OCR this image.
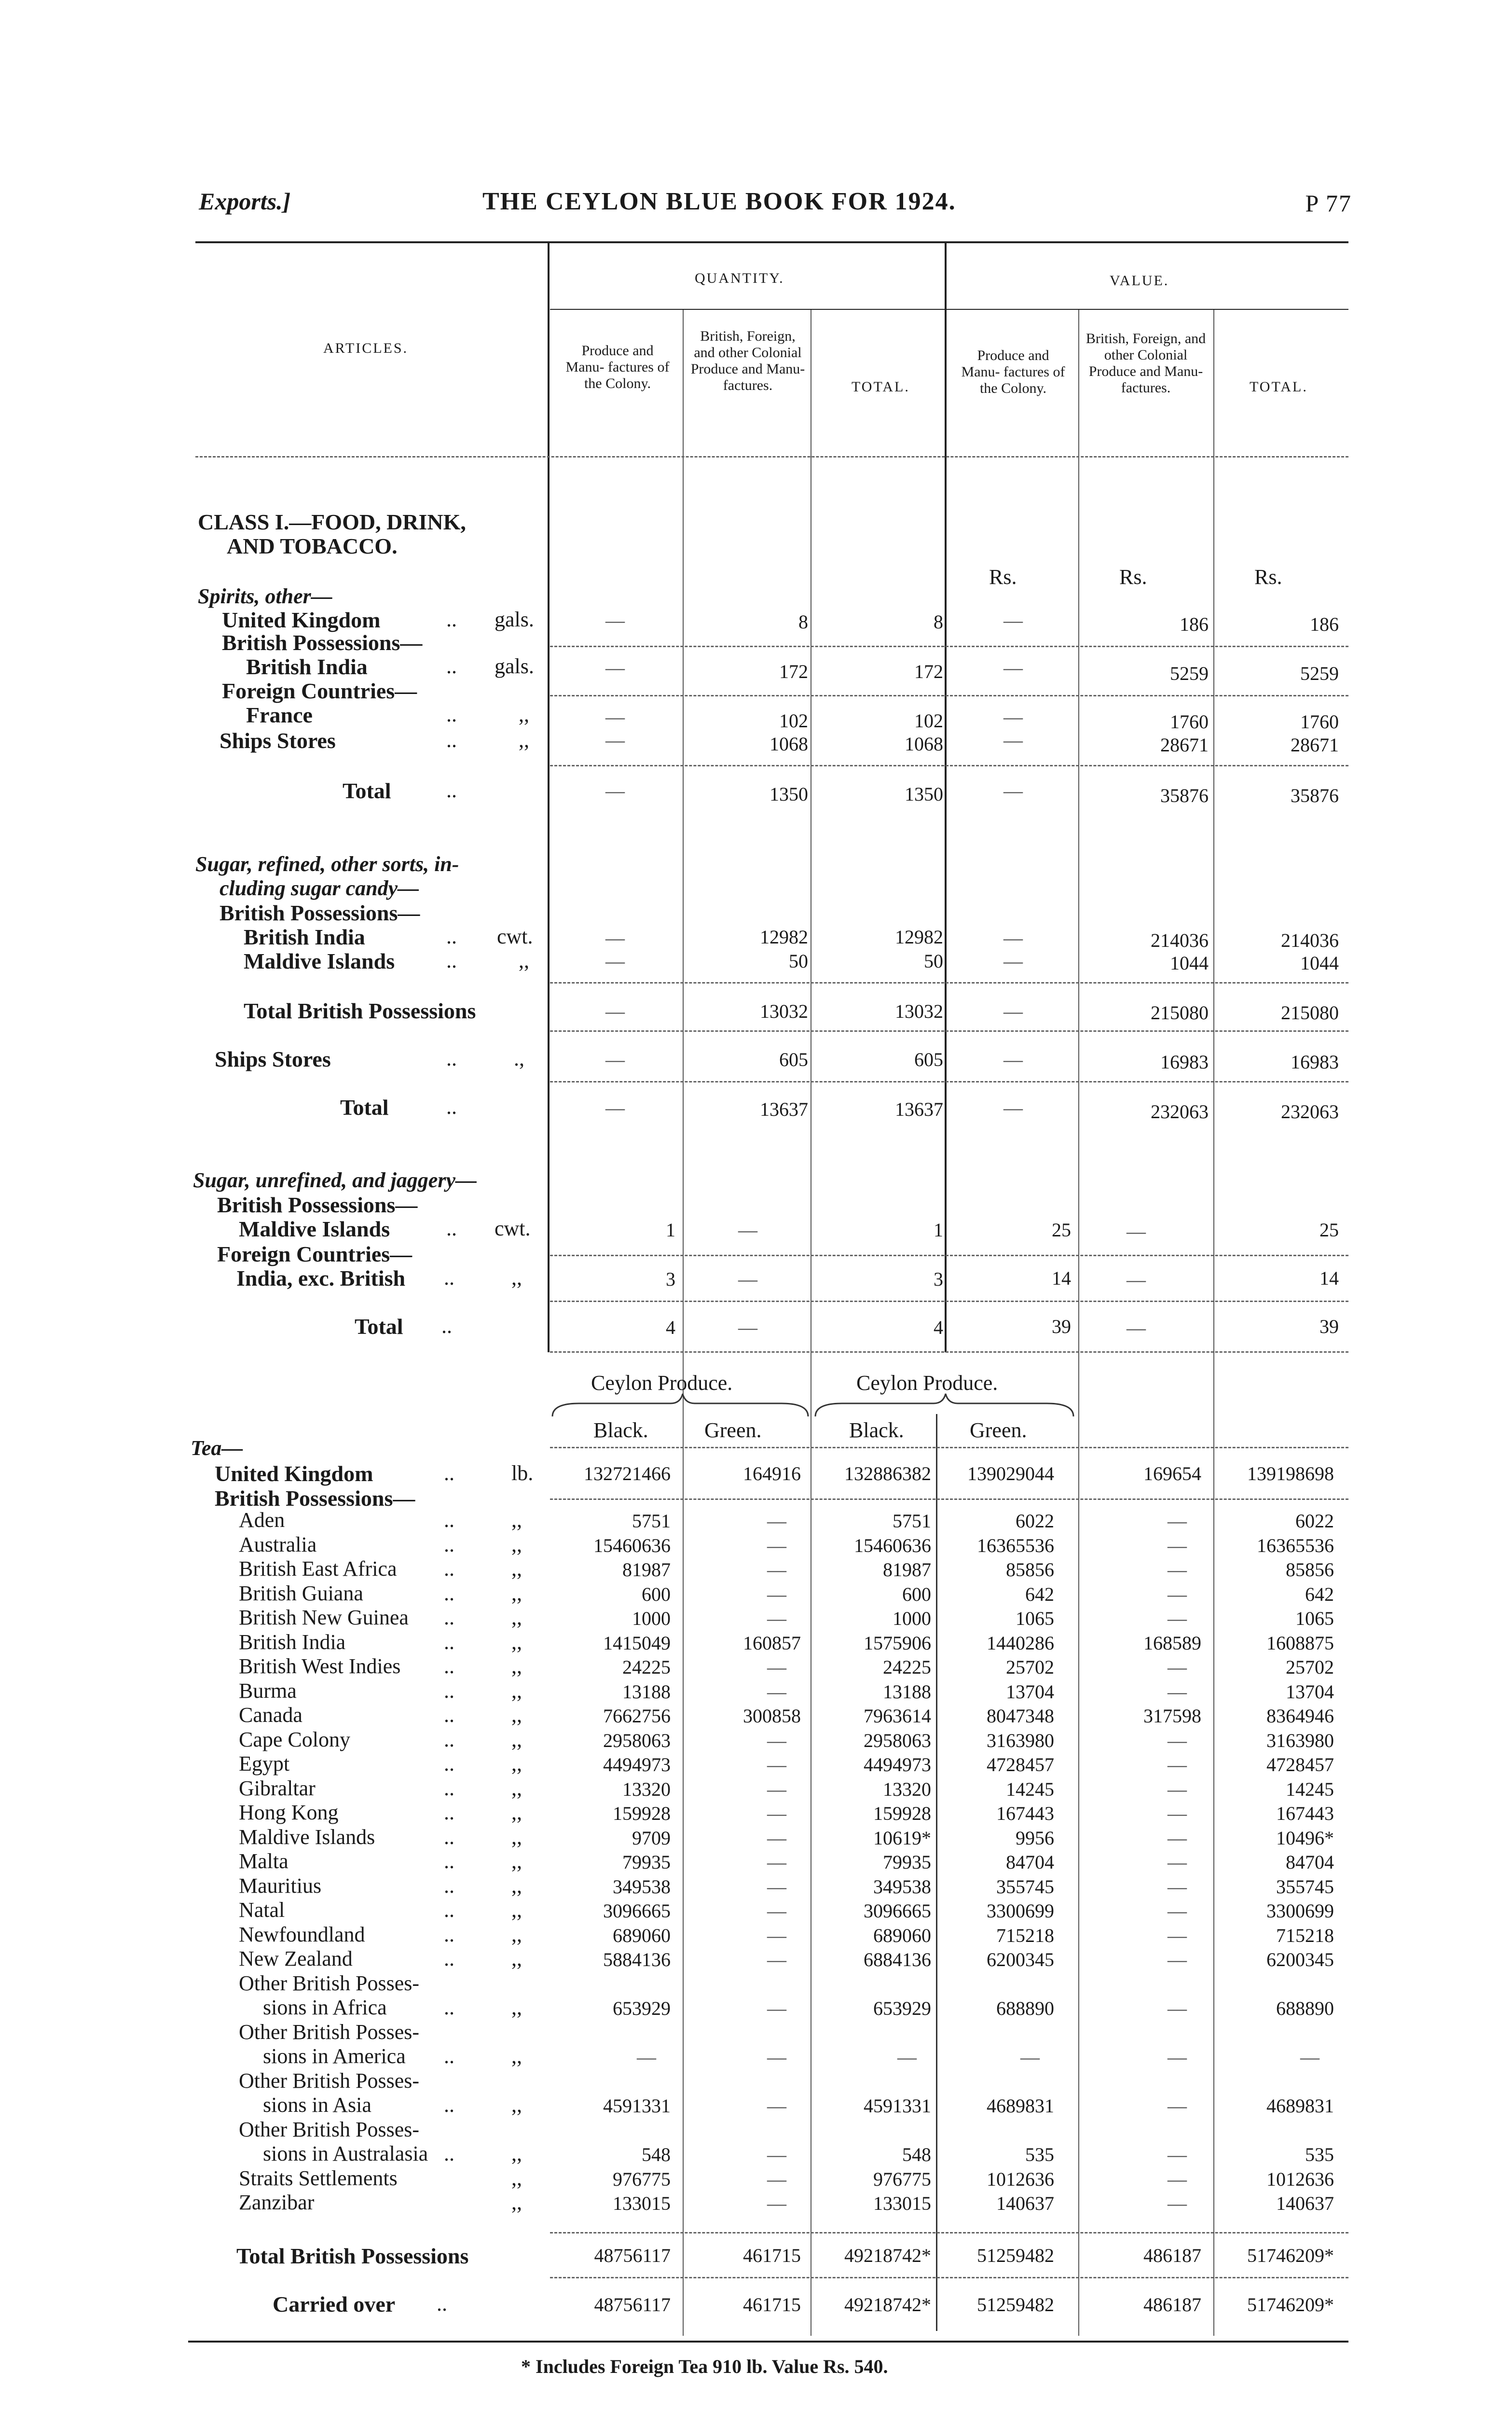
Exports.]	THE CEYLON BLUE BOOK FOR 1924.	P 77
QUANTITY.	VALUE.
ARTICLES.	Produce and Manu- factures of the Colony.
British, Foreign, and other Colonial Produce and Manu- factures.	TOTAL.
Produce and Manu- factures of the Colony.
British, Foreign, and other Colonial Produce and Manu- factures.	TOTAL.
CLASS I.—FOOD, DRINK,
AND TOBACCO.
Rs.	Rs.	Rs.
Spirits, other—
United Kingdom	.. gals.	—	8	8	—	186	186
British Possessions—
British India	.. gals.	—	172	172	—	5259	5259
Foreign Countries—
France	..	,,	—	102	102	—	1760	1760
Ships Stores	..	,,	—	1068	1068	—	28671	28671
Total	..	—	1350	1350	—	35876	35876
Sugar, refined, other sorts, in-
cluding sugar candy—
British Possessions—
British India	.. cwt.	—	12982	12982	—	214036	214036
Maldive Islands ..	,,	—	50	50	—	1044	1044
Total British Possessions	—	13032	13032	—	215080	215080
Ships Stores	..	.,	—	605	605	—	16983	16983
Total	..	—	13637	13637	—	232063	232063
Sugar, unrefined, and jaggery—
British Possessions—
Maldive Islands	.. cwt.	1	—	1	25	—	25
Foreign Countries—
India, exc. British ..	,,	3	—	3	14	—	14
Total ..	4	—	4	39	—	39
Ceylon Produce.	Ceylon Produce.
Black.	Green.	Black.	Green.
Tea—
United Kingdom	..	lb.	132721466	164916	132886382	139029044	169654	139198698
British Possessions—
Aden	..	,,	5751	—	5751	6022	—	6022
Australia	..	,,	15460636	—	15460636	16365536	—	16365536
British East Africa ..	,,	81987	—	81987	85856	—	85856
British Guiana	..	,,	600	—	600	642	—	642
British New Guinea ..	,,	1000	—	1000	1065	—	1065
British India	..	,,	1415049	160857	1575906	1440286	168589	1608875
British West Indies ..	,,	24225	—	24225	25702	—	25702
Burma	..	,,	13188	—	13188	13704	—	13704
Canada	..	,,	7662756	300858	7963614	8047348	317598	8364946
Cape Colony	..	,,	2958063	—	2958063	3163980	—	3163980
Egypt	..	,,	4494973	—	4494973	4728457	—	4728457
Gibraltar	..	,,	13320	—	13320	14245	—	14245
Hong Kong	..	,,	159928	—	159928	167443	—	167443
Maldive Islands	..	,,	9709	—	10619*	9956	—	10496*
Malta	..	,,	79935	—	79935	84704	—	84704
Mauritius	..	,,	349538	—	349538	355745	—	355745
Natal	..	,,	3096665	—	3096665	3300699	—	3300699
Newfoundland	..	,,	689060	—	689060	715218	—	715218
New Zealand	..	,,	5884136	—	6884136	6200345	—	6200345
Other British Posses-
sions in Africa	..	,,	653929	—	653929	688890	—	688890
Other British Posses-
sions in America ..	,,	—	—	—	—	—	—
Other British Posses-
sions in Asia	..	,,	4591331	—	4591331	4689831	—	4689831
Other British Posses-
sions in Australasia ..	,,	548	—	548	535	—	535
Straits Settlements	,,	976775	—	976775	1012636	—	1012636
Zanzibar	,,	133015	—	133015	140637	—	140637
Total British Possessions	48756117	461715	49218742*	51259482	486187	51746209*
Carried over ..	48756117	461715	49218742*	51259482	486187	51746209*
* Includes Foreign Tea 910 lb. Value Rs. 540.
